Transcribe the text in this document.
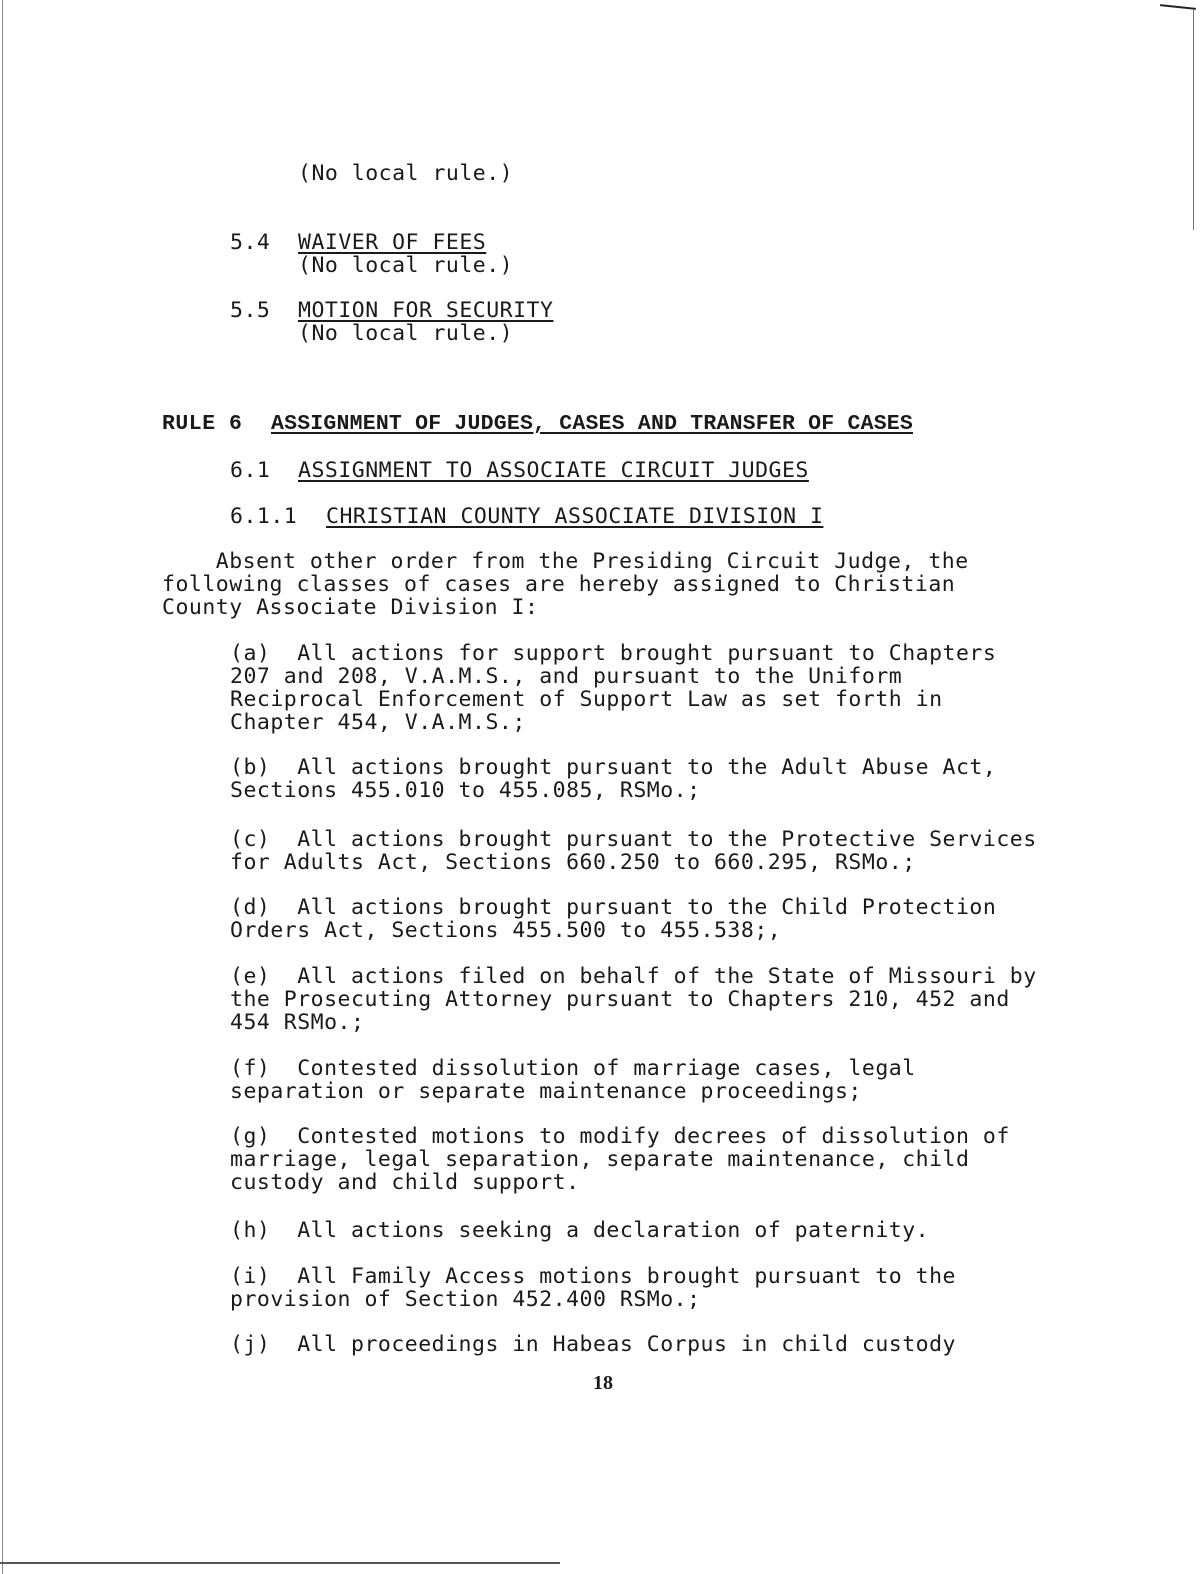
(No local rule.)
5.4 WAIVER OF FEES
(No local rule.)
5.5 MOTION FOR SECURITY
(No local rule.)
RULE 6 ASSIGNMENT OF JUDGES, CASES AND TRANSFER OF CASES
6.1 ASSIGNMENT TO ASSOCIATE CIRCUIT JUDGES
6.1.1 CHRISTIAN COUNTY ASSOCIATE DIVISION I
Absent other order from the Presiding Circuit Judge, the
following classes of cases are hereby assigned to Christian
County Associate Division I:
(a)  All actions for support brought pursuant to Chapters
207 and 208, V.A.M.S., and pursuant to the Uniform
Reciprocal Enforcement of Support Law as set forth in
Chapter 454, V.A.M.S.;
(b)  All actions brought pursuant to the Adult Abuse Act,
Sections 455.010 to 455.085, RSMo.;
(c)  All actions brought pursuant to the Protective Services
for Adults Act, Sections 660.250 to 660.295, RSMo.;
(d)  All actions brought pursuant to the Child Protection
Orders Act, Sections 455.500 to 455.538;,
(e)  All actions filed on behalf of the State of Missouri by
the Prosecuting Attorney pursuant to Chapters 210, 452 and
454 RSMo.;
(f)  Contested dissolution of marriage cases, legal
separation or separate maintenance proceedings;
(g)  Contested motions to modify decrees of dissolution of
marriage, legal separation, separate maintenance, child
custody and child support.
(h)  All actions seeking a declaration of paternity.
(i)  All Family Access motions brought pursuant to the
provision of Section 452.400 RSMo.;
(j)  All proceedings in Habeas Corpus in child custody
18
